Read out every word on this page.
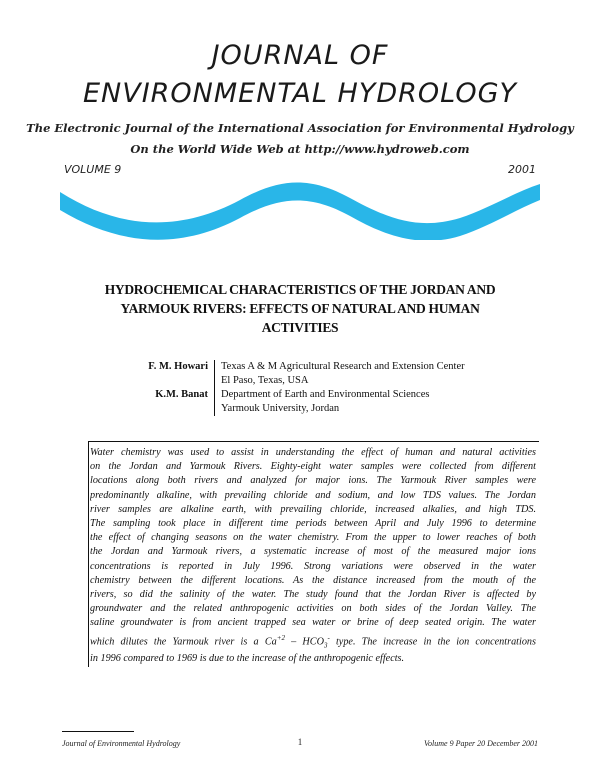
JOURNAL OF
ENVIRONMENTAL HYDROLOGY
The Electronic Journal of the International Association for Environmental Hydrology
On the World Wide Web at http://www.hydroweb.com
VOLUME 9	2001
HYDROCHEMICAL CHARACTERISTICS OF THE JORDAN AND
YARMOUK RIVERS: EFFECTS OF NATURAL AND HUMAN
ACTIVITIES
F. M. Howari	Texas A & M Agricultural Research and Extension Center
El Paso, Texas, USA
K.M. Banat	Department of Earth and Environmental Sciences
Yarmouk University, Jordan
Water chemistry was used to assist in understanding the effect of human and natural activities
on the Jordan and Yarmouk Rivers. Eighty-eight water samples were collected from different
locations along both rivers and analyzed for major ions. The Yarmouk River samples were
predominantly alkaline, with prevailing chloride and sodium, and low TDS values. The Jordan
river samples are alkaline earth, with prevailing chloride, increased alkalies, and high TDS.
The sampling took place in different time periods between April and July 1996 to determine
the effect of changing seasons on the water chemistry. From the upper to lower reaches of both
the Jordan and Yarmouk rivers, a systematic increase of most of the measured major ions
concentrations is reported in July 1996. Strong variations were observed in the water
chemistry between the different locations. As the distance increased from the mouth of the
rivers, so did the salinity of the water. The study found that the Jordan River is affected by
groundwater and the related anthropogenic activities on both sides of the Jordan Valley. The
saline groundwater is from ancient trapped sea water or brine of deep seated origin. The water
which dilutes the Yarmouk river is a $Ca^{+2} - HCO_3^-$ type. The increase in the ion concentrations
in 1996 compared to 1969 is due to the increase of the anthropogenic effects.
Journal of Environmental Hydrology	1	Volume 9 Paper 20 December 2001
